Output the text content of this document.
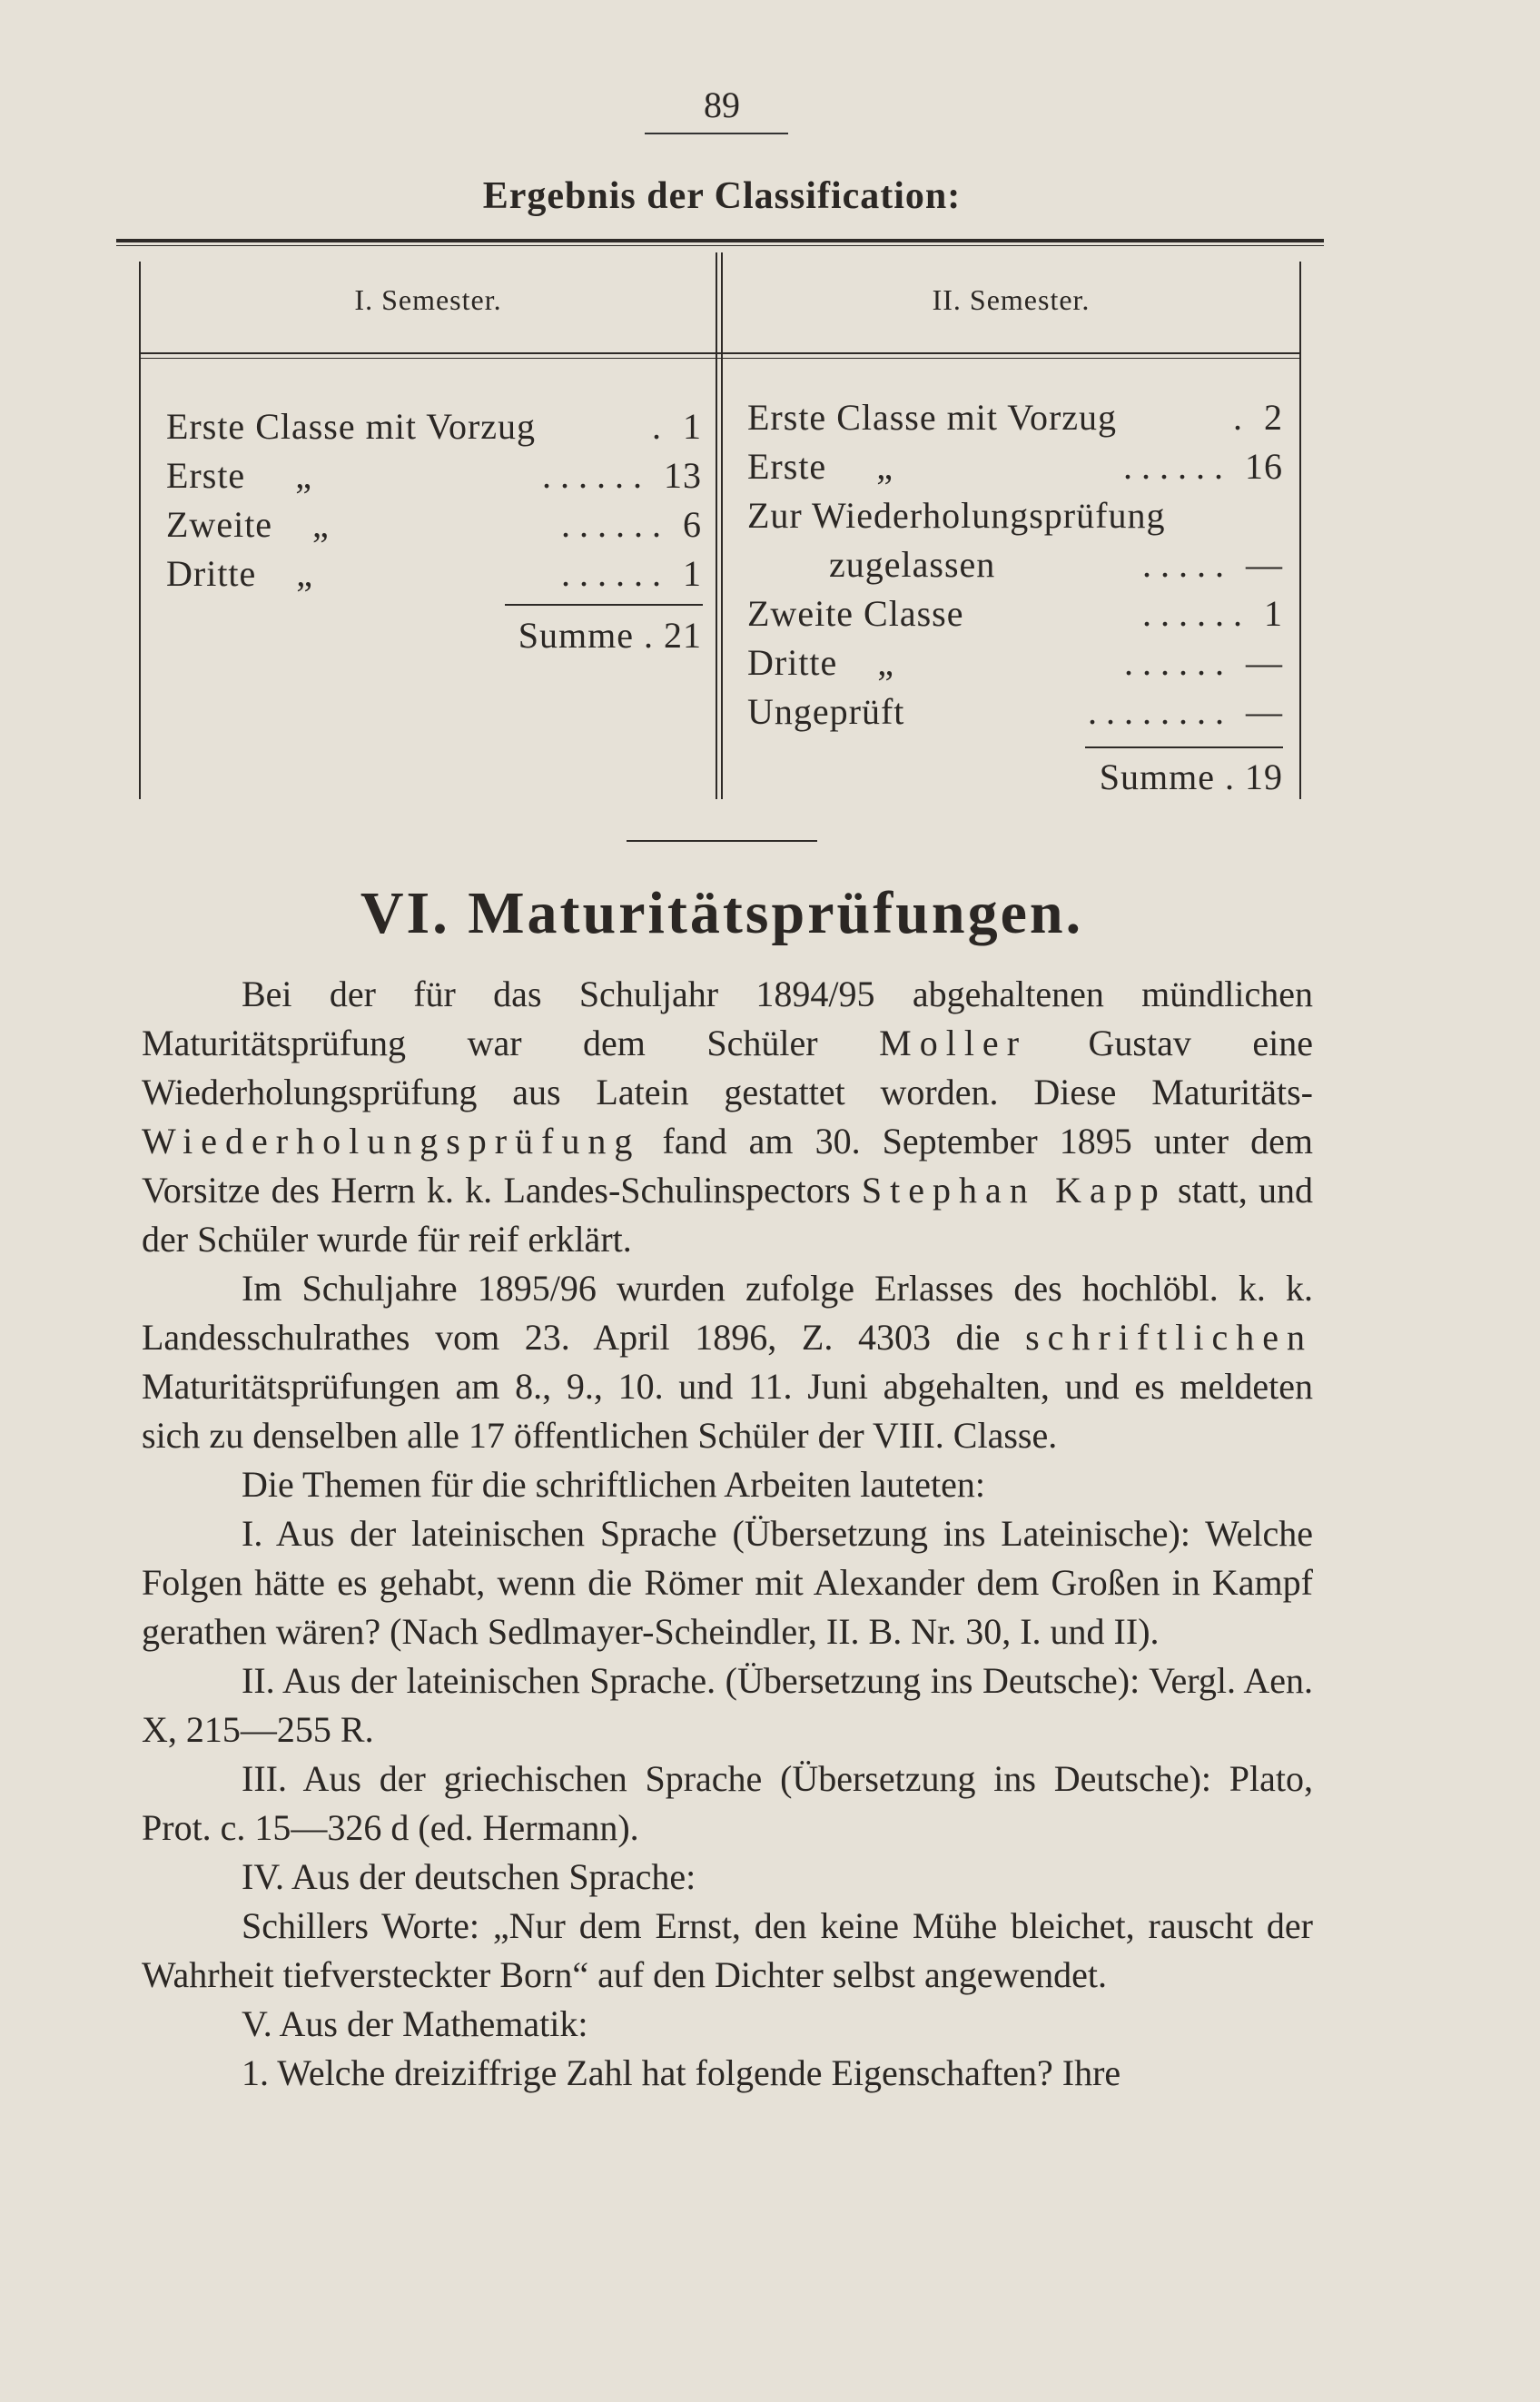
89
Ergebnis der Classification:
I. Semester.	II. Semester.
Erste Classe mit Vorzug	. 1
Erste     „	...... 13
Zweite    „	...... 6
Dritte    „	...... 1
Summe . 21
Erste Classe mit Vorzug	. 2
Erste     „	...... 16
Zur Wiederholungsprüfung
zugelassen	..... —
Zweite Classe	...... 1
Dritte    „	...... —
Ungeprüft	........ —
Summe . 19
VI. Maturitätsprüfungen.

Bei der für das Schuljahr 1894/95 abgehaltenen mündlichen Maturitätsprüfung war dem Schüler Moller Gustav eine Wiederholungsprüfung aus Latein gestattet worden. Diese Maturitäts- Wiederholungsprüfung fand am 30. September 1895 unter dem Vorsitze des Herrn k. k. Landes-Schulinspectors Stephan Kapp statt, und der Schüler wurde für reif erklärt.

Im Schuljahre 1895/96 wurden zufolge Erlasses des hochlöbl. k. k. Landesschulrathes vom 23. April 1896, Z. 4303 die schriftlichen Maturitätsprüfungen am 8., 9., 10. und 11. Juni abgehalten, und es meldeten sich zu denselben alle 17 öffentlichen Schüler der VIII. Classe.

Die Themen für die schriftlichen Arbeiten lauteten:

I. Aus der lateinischen Sprache (Übersetzung ins Lateinische): Welche Folgen hätte es gehabt, wenn die Römer mit Alexander dem Großen in Kampf gerathen wären? (Nach Sedlmayer-Scheindler, II. B. Nr. 30, I. und II).

II. Aus der lateinischen Sprache. (Übersetzung ins Deutsche): Vergl. Aen. X, 215—255 R.

III. Aus der griechischen Sprache (Übersetzung ins Deutsche): Plato, Prot. c. 15—326 d (ed. Hermann).

IV. Aus der deutschen Sprache:

Schillers Worte: „Nur dem Ernst, den keine Mühe bleichet, rauscht der Wahrheit tiefversteckter Born“ auf den Dichter selbst angewendet.

V. Aus der Mathematik:

1. Welche dreiziffrige Zahl hat folgende Eigenschaften? Ihre
